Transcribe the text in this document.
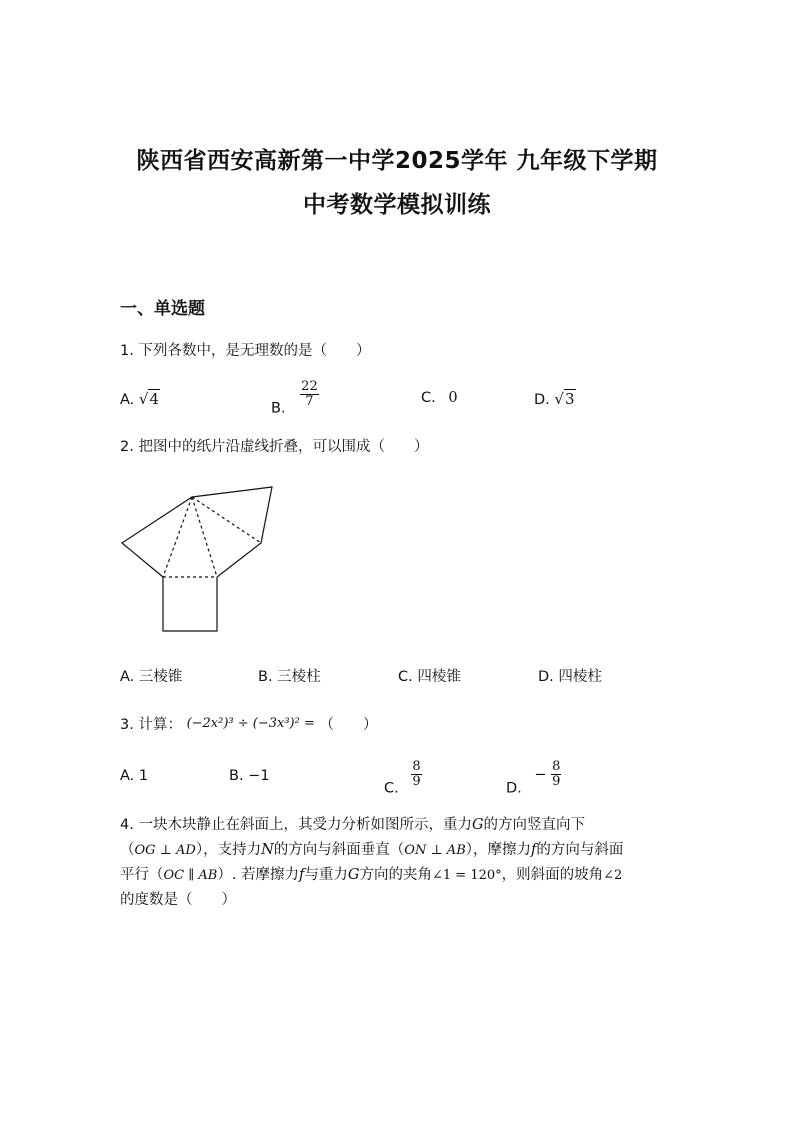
陕西省西安高新第一中学2025学年 九年级下学期
中考数学模拟训练
一、单选题
1. 下列各数中，是无理数的是（　　）
A. √4
B. $\frac{22}{7}$	C. 0	D. √3
2. 把图中的纸片沿虚线折叠，可以围成（　　）
A. 三棱锥	B. 三棱柱	C. 四棱锥	D. 四棱柱
3. 计算： (−2x²)³ ÷ (−3x³)² = （　　）
A. 1	B. −1
C. $\frac{8}{9}$	D. − $\frac{8}{9}$
4. 一块木块静止在斜面上，其受力分析如图所示，重力G的方向竖直向下
（OG ⊥ AD），支持力N的方向与斜面垂直（ON ⊥ AB），摩擦力f的方向与斜面
平行（OC ∥ AB）. 若摩擦力f与重力G方向的夹角∠1 = 120°，则斜面的坡角∠2
的度数是（　　）
